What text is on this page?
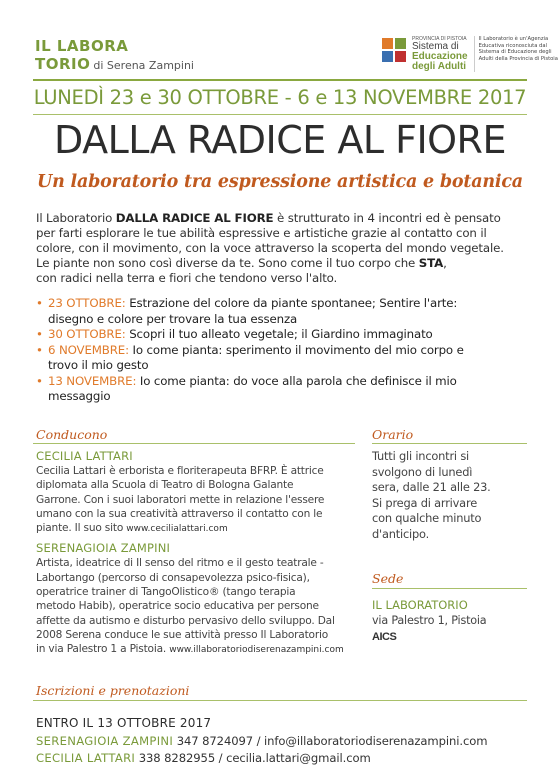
IL LABORA
TORIO di Serena Zampini
PROVINCIA DI PISTOIA
Sistema di
Educazione
degli Adulti
Il Laboratorio è un'Agenzia Educativa riconosciuta dal Sistema di Educazione degli Adulti della Provincia di Pistoia
LUNEDÌ 23 e 30 OTTOBRE - 6 e 13 NOVEMBRE 2017
DALLA RADICE AL FIORE
Un laboratorio tra espressione artistica e botanica

Il Laboratorio DALLA RADICE AL FIORE è strutturato in 4 incontri ed è pensato

per farti esplorare le tue abilità espressive e artistiche grazie al contatto con il

colore, con il movimento, con la voce attraverso la scoperta del mondo vegetale.

Le piante non sono così diverse da te. Sono come il tuo corpo che STA,

con radici nella terra e fiori che tendono verso l'alto.

• 23 OTTOBRE: Estrazione del colore da piante spontanee; Sentire l'arte:
disegno e colore per trovare la tua essenza
• 30 OTTOBRE: Scopri il tuo alleato vegetale; il Giardino immaginato
• 6 NOVEMBRE: Io come pianta: sperimento il movimento del mio corpo e
trovo il mio gesto
• 13 NOVEMBRE: Io come pianta: do voce alla parola che definisce il mio
messaggio
Conducono	Orario
CECILIA LATTARI

Cecilia Lattari è erborista e floriterapeuta BFRP. È attrice

diplomata alla Scuola di Teatro di Bologna Galante

Garrone. Con i suoi laboratori mette in relazione l'essere

umano con la sua creatività attraverso il contatto con le

piante. Il suo sito www.cecilialattari.com

SERENAGIOIA ZAMPINI

Artista, ideatrice di Il senso del ritmo e il gesto teatrale -

Labortango (percorso di consapevolezza psico-fisica),

operatrice trainer di TangoOlistico® (tango terapia

metodo Habib), operatrice socio educativa per persone

affette da autismo e disturbo pervasivo dello sviluppo. Dal

2008 Serena conduce le sue attività presso Il Laboratorio

in via Palestro 1 a Pistoia. www.illaboratoriodiserenazampini.com

Tutti gli incontri si

svolgono di lunedì

sera, dalle 21 alle 23.

Si prega di arrivare

con qualche minuto

d'anticipo.

Sede
IL LABORATORIO
via Palestro 1, Pistoia
AICS
Iscrizioni e prenotazioni
ENTRO IL 13 OTTOBRE 2017
SERENAGIOIA ZAMPINI 347 8724097 / info@illaboratoriodiserenazampini.com
CECILIA LATTARI 338 8282955 / cecilia.lattari@gmail.com
